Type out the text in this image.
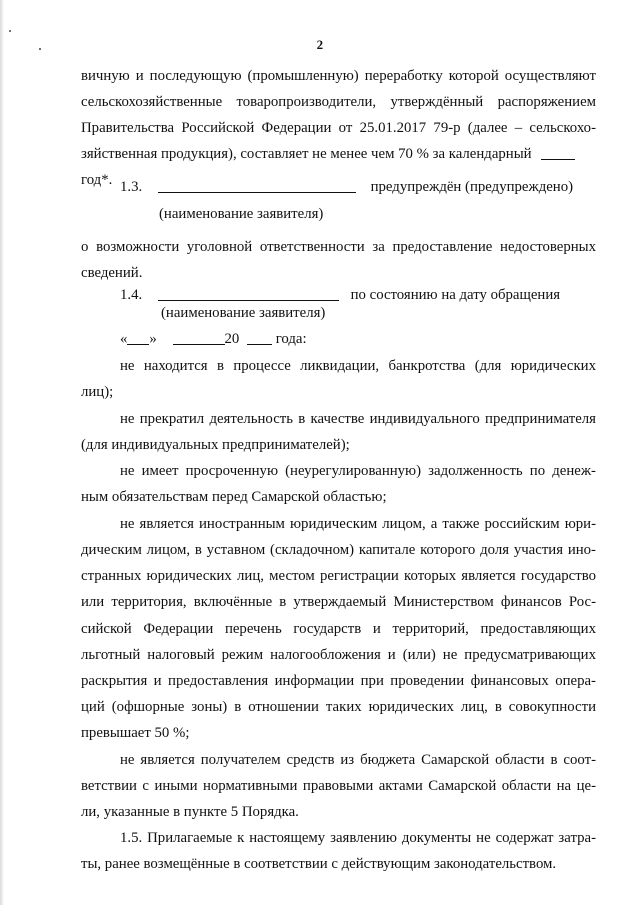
2
вичную и последующую (промышленную) переработку которой осуществляют
сельскохозяйственные товаропроизводители, утверждённый распоряжением
Правительства Российской Федерации от 25.01.2017 79-р (далее – сельскохо-
зяйственная продукция), составляет не менее чем 70 % за календарный
год*. 1.3.	предупреждён (предупреждено)
(наименование заявителя)
о возможности уголовной ответственности за предоставление недостоверных
сведений.
1.4.	по состоянию на дату обращения
(наименование заявителя)
« »	20 года:
не находится в процессе ликвидации, банкротства (для юридических
лиц);
не прекратил деятельность в качестве индивидуального предпринимателя
(для индивидуальных предпринимателей);
не имеет просроченную (неурегулированную) задолженность по денеж-
ным обязательствам перед Самарской областью;
не является иностранным юридическим лицом, а также российским юри-
дическим лицом, в уставном (складочном) капитале которого доля участия ино-
странных юридических лиц, местом регистрации которых является государство
или территория, включённые в утверждаемый Министерством финансов Рос-
сийской Федерации перечень государств и территорий, предоставляющих
льготный налоговый режим налогообложения и (или) не предусматривающих
раскрытия и предоставления информации при проведении финансовых опера-
ций (офшорные зоны) в отношении таких юридических лиц, в совокупности
превышает 50 %;
не является получателем средств из бюджета Самарской области в соот-
ветствии с иными нормативными правовыми актами Самарской области на це-
ли, указанные в пункте 5 Порядка.
1.5. Прилагаемые к настоящему заявлению документы не содержат затра-
ты, ранее возмещённые в соответствии с действующим законодательством.
